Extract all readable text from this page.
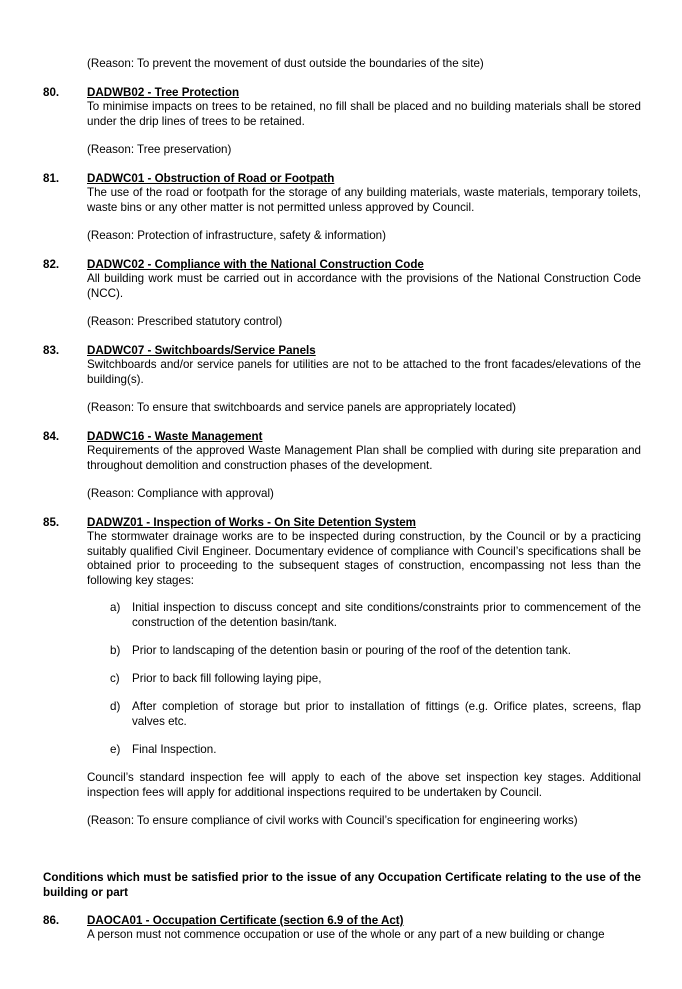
(Reason: To prevent the movement of dust outside the boundaries of the site)

80. DADWB02 - Tree Protection

To minimise impacts on trees to be retained, no fill shall be placed and no building materials shall be stored under the drip lines of trees to be retained.

(Reason: Tree preservation)

81. DADWC01 - Obstruction of Road or Footpath

The use of the road or footpath for the storage of any building materials, waste materials, temporary toilets, waste bins or any other matter is not permitted unless approved by Council.

(Reason: Protection of infrastructure, safety & information)

82. DADWC02 - Compliance with the National Construction Code

All building work must be carried out in accordance with the provisions of the National Construction Code (NCC).

(Reason: Prescribed statutory control)

83. DADWC07 - Switchboards/Service Panels

Switchboards and/or service panels for utilities are not to be attached to the front facades/elevations of the building(s).

(Reason: To ensure that switchboards and service panels are appropriately located)

84. DADWC16 - Waste Management

Requirements of the approved Waste Management Plan shall be complied with during site preparation and throughout demolition and construction phases of the development.

(Reason: Compliance with approval)

85. DADWZ01 - Inspection of Works - On Site Detention System

The stormwater drainage works are to be inspected during construction, by the Council or by a practicing suitably qualified Civil Engineer. Documentary evidence of compliance with Council’s specifications shall be obtained prior to proceeding to the subsequent stages of construction, encompassing not less than the following key stages:

a) Initial inspection to discuss concept and site conditions/constraints prior to commencement of the construction of the detention basin/tank.

b) Prior to landscaping of the detention basin or pouring of the roof of the detention tank.

c) Prior to back fill following laying pipe,

d) After completion of storage but prior to installation of fittings (e.g. Orifice plates, screens, flap valves etc.

e) Final Inspection.

Council’s standard inspection fee will apply to each of the above set inspection key stages. Additional inspection fees will apply for additional inspections required to be undertaken by Council.

(Reason: To ensure compliance of civil works with Council’s specification for engineering works)

Conditions which must be satisfied prior to the issue of any Occupation Certificate relating to the use of the building or part

86. DAOCA01 - Occupation Certificate (section 6.9 of the Act)

A person must not commence occupation or use of the whole or any part of a new building or change
